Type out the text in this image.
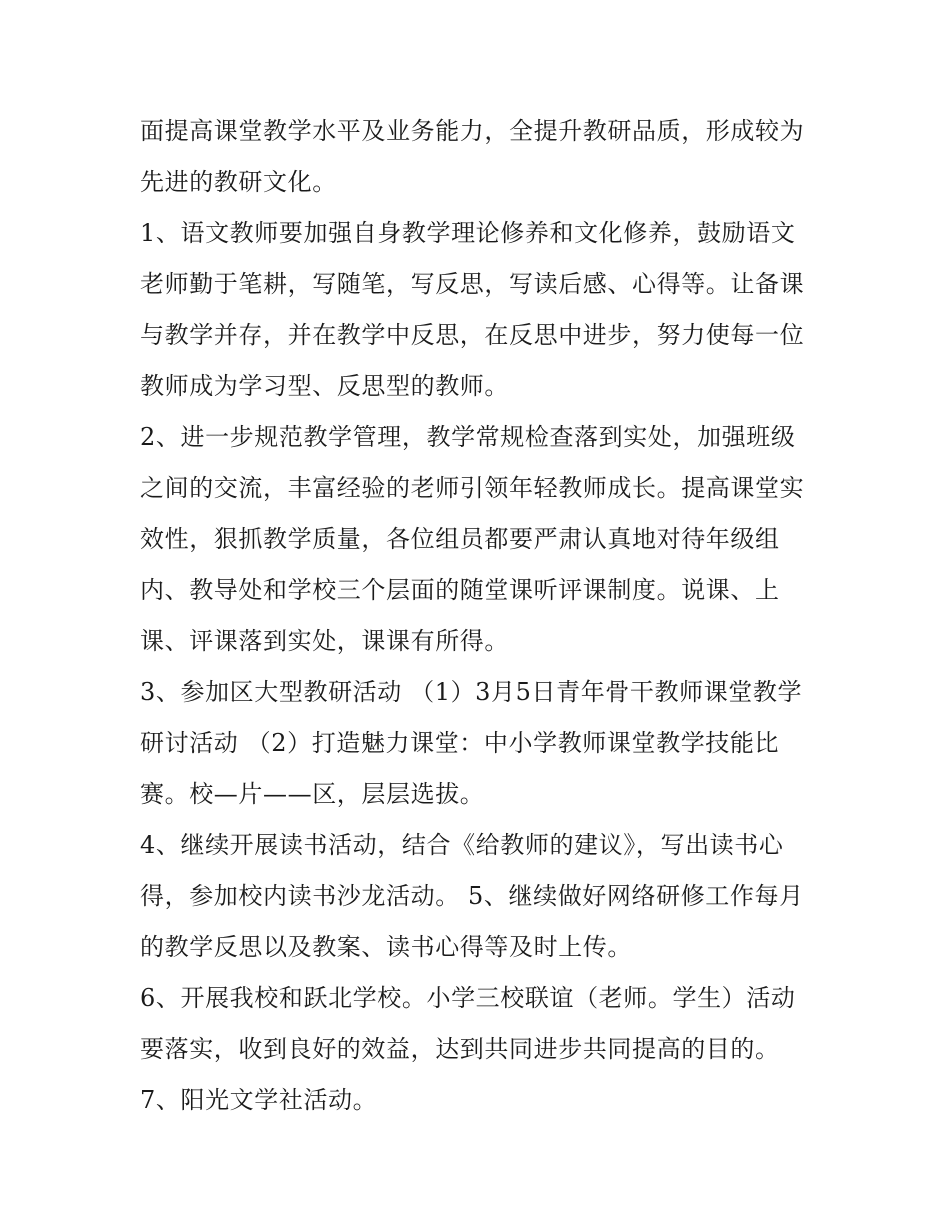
面提高课堂教学水平及业务能力，全提升教研品质，形成较为
先进的教研文化。
1、语文教师要加强自身教学理论修养和文化修养，鼓励语文
老师勤于笔耕，写随笔，写反思，写读后感、心得等。让备课
与教学并存，并在教学中反思，在反思中进步，努力使每一位
教师成为学习型、反思型的教师。
2、进一步规范教学管理，教学常规检查落到实处，加强班级
之间的交流，丰富经验的老师引领年轻教师成长。提高课堂实
效性，狠抓教学质量，各位组员都要严肃认真地对待年级组
内、教导处和学校三个层面的随堂课听评课制度。说课、上
课、评课落到实处，课课有所得。
3、参加区大型教研活动 （1）3月5日青年骨干教师课堂教学
研讨活动 （2）打造魅力课堂：中小学教师课堂教学技能比
赛。校—片——区，层层选拔。
4、继续开展读书活动，结合《给教师的建议》，写出读书心
得，参加校内读书沙龙活动。 5、继续做好网络研修工作每月
的教学反思以及教案、读书心得等及时上传。
6、开展我校和跃北学校。小学三校联谊（老师。学生）活动
要落实，收到良好的效益，达到共同进步共同提高的目的。
7、阳光文学社活动。
